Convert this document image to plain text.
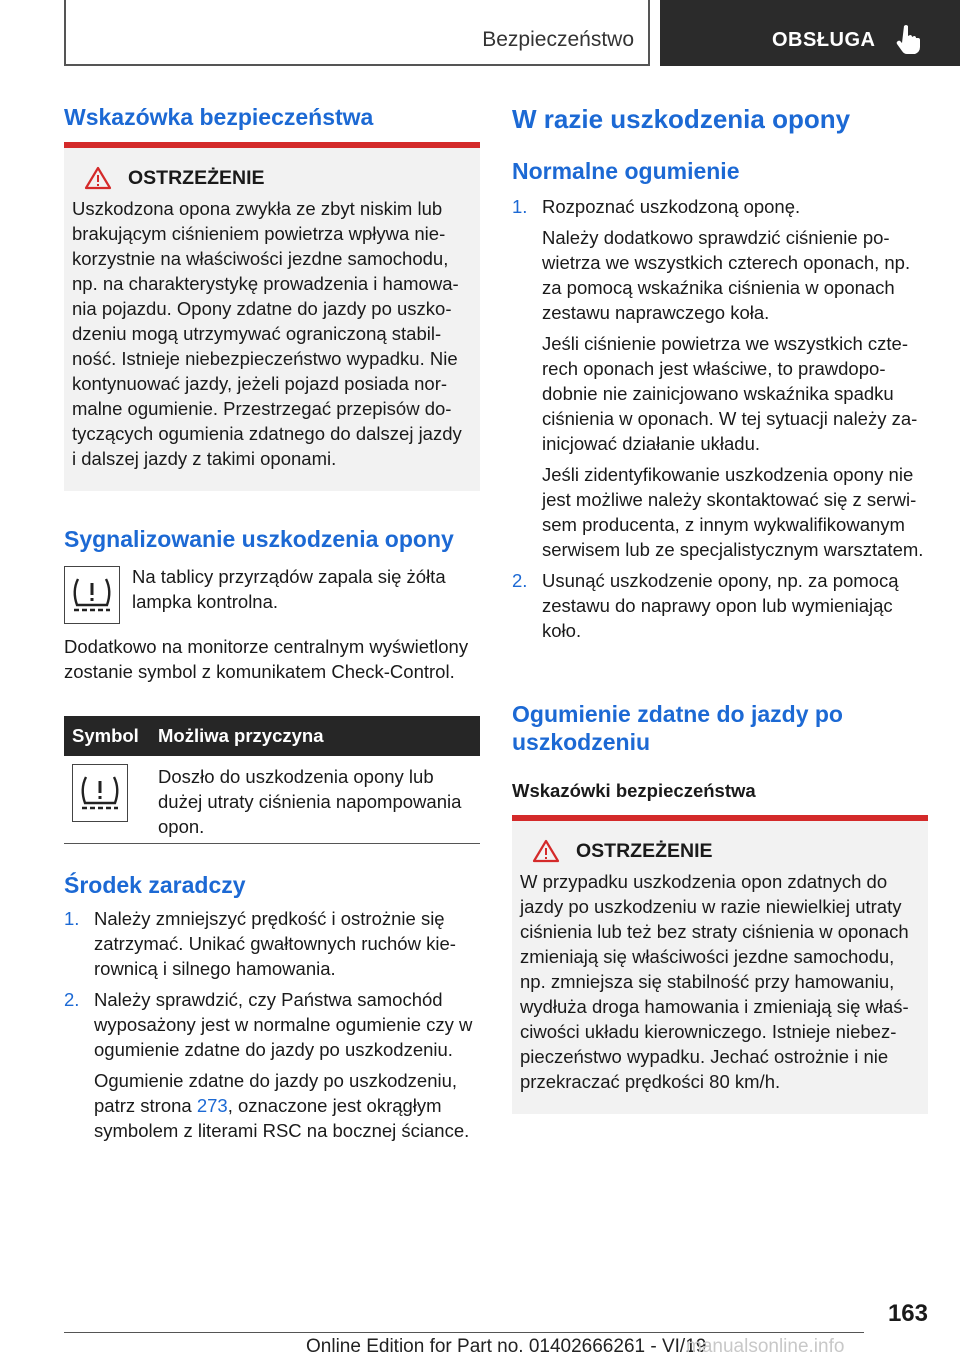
Bezpieczeństwo	OBSŁUGA
Wskazówka bezpieczeństwa
OSTRZEŻENIE
Uszkodzona opona zwykła ze zbyt niskim lub brakującym ciśnieniem powietrza wpływa niekorzystnie na właściwości jezdne samochodu, np. na charakterystykę prowadzenia i hamowania pojazdu. Opony zdatne do jazdy po uszkodzeniu mogą utrzymywać ograniczoną stabilność. Istnieje niebezpieczeństwo wypadku. Nie kontynuować jazdy, jeżeli pojazd posiada normalne ogumienie. Przestrzegać przepisów dotyczących ogumienia zdatnego do dalszej jazdy i dalszej jazdy z takimi oponami.
Sygnalizowanie uszkodzenia opony
Na tablicy przyrządów zapala się żółta lampka kontrolna.
Dodatkowo na monitorze centralnym wyświetlony zostanie symbol z komunikatem Check-Control.
Symbol	Możliwa przyczyna
Doszło do uszkodzenia opony lub dużej utraty ciśnienia napompowania opon.
Środek zaradczy
1. Należy zmniejszyć prędkość i ostrożnie się zatrzymać. Unikać gwałtownych ruchów kierownicą i silnego hamowania.
2. Należy sprawdzić, czy Państwa samochód wyposażony jest w normalne ogumienie czy w ogumienie zdatne do jazdy po uszkodzeniu.
Ogumienie zdatne do jazdy po uszkodzeniu, patrz strona 273, oznaczone jest okrągłym symbolem z literami RSC na bocznej ściance.
W razie uszkodzenia opony
Normalne ogumienie
1. Rozpoznać uszkodzoną oponę.
Należy dodatkowo sprawdzić ciśnienie powietrza we wszystkich czterech oponach, np. za pomocą wskaźnika ciśnienia w oponach zestawu naprawczego koła.
Jeśli ciśnienie powietrza we wszystkich czterech oponach jest właściwe, to prawdopodobnie nie zainicjowano wskaźnika spadku ciśnienia w oponach. W tej sytuacji należy zainicjować działanie układu.
Jeśli zidentyfikowanie uszkodzenia opony nie jest możliwe należy skontaktować się z serwisem producenta, z innym wykwalifikowanym serwisem lub ze specjalistycznym warsztatem.
2. Usunąć uszkodzenie opony, np. za pomocą zestawu do naprawy opon lub wymieniając koło.
Ogumienie zdatne do jazdy po uszkodzeniu
Wskazówki bezpieczeństwa
OSTRZEŻENIE
W przypadku uszkodzenia opon zdatnych do jazdy po uszkodzeniu w razie niewielkiej utraty ciśnienia lub też bez straty ciśnienia w oponach zmieniają się właściwości jezdne samochodu, np. zmniejsza się stabilność przy hamowaniu, wydłuża droga hamowania i zmieniają się właściwości układu kierowniczego. Istnieje niebezpieczeństwo wypadku. Jechać ostrożnie i nie przekraczać prędkości 80 km/h.
163
Online Edition for Part no. 01402666261 - VI/19
manualsonline.info
